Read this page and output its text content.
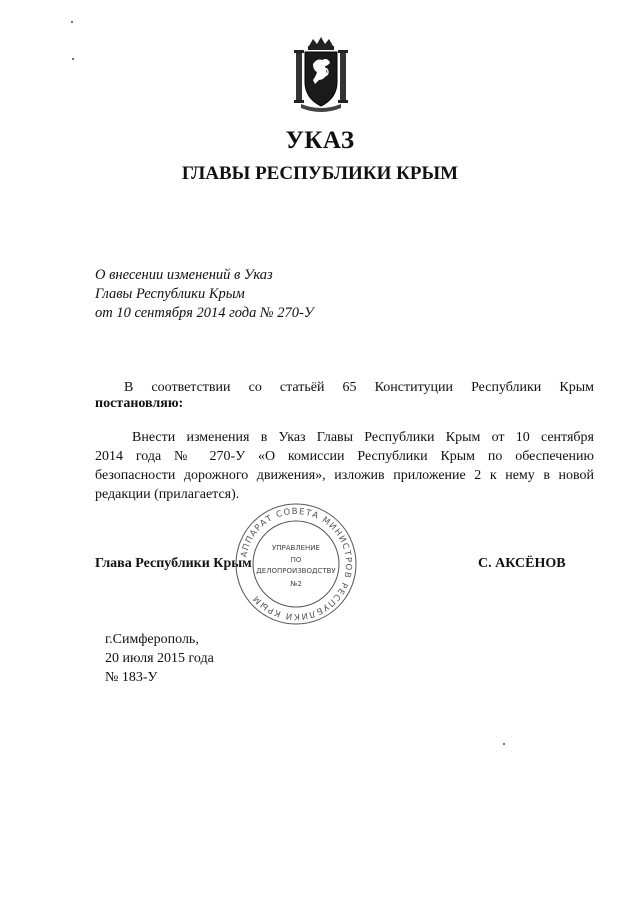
УКАЗ
ГЛАВЫ РЕСПУБЛИКИ КРЫМ
О внесении изменений в Указ
Главы Республики Крым
от 10 сентября 2014 года № 270-У
В соответствии со статьёй 65 Конституции Республики Крым
постановляю:
Внести изменения в Указ Главы Республики Крым от 10 сентября
2014 года № 270-У «О комиссии Республики Крым по обеспечению
безопасности дорожного движения», изложив приложение 2 к нему в новой
редакции (прилагается).
Глава Республики Крым	С. АКСЁНОВ
АППАРАТ СОВЕТА МИНИСТРОВ РЕСПУБЛИКИ КРЫМ
УПРАВЛЕНИЕ
ПО
ДЕЛОПРОИЗВОДСТВУ
№2
г.Симферополь,
20 июля 2015 года
№ 183-У
